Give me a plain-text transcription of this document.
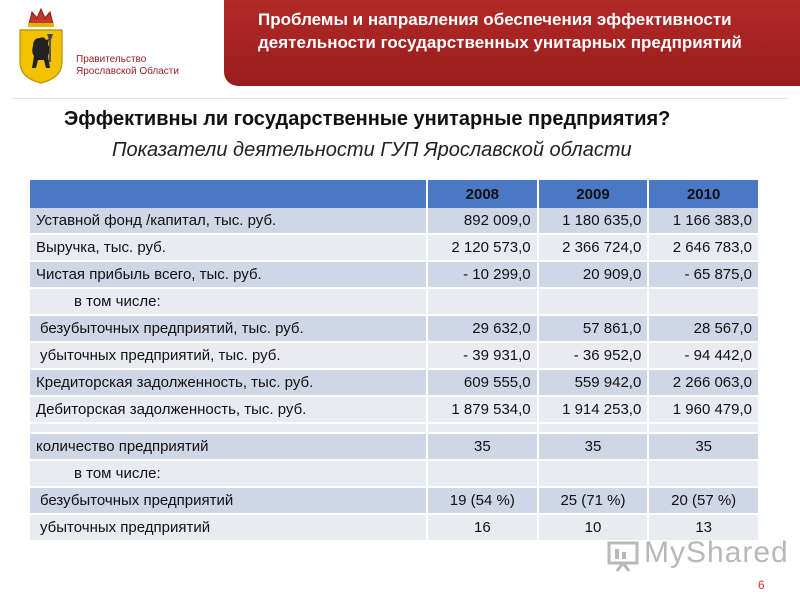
Правительство Ярославской Области
Проблемы и направления обеспечения эффективности деятельности государственных унитарных предприятий
Эффективны ли государственные унитарные предприятия?
Показатели деятельности ГУП Ярославской области
	2008	2009	2010
Уставной фонд /капитал, тыс. руб.	892 009,0	1 180 635,0	1 166 383,0
Выручка, тыс. руб.	2 120 573,0	2 366 724,0	2 646 783,0
Чистая прибыль всего, тыс. руб.	- 10 299,0	20 909,0	- 65 875,0
в том числе:			
безубыточных предприятий, тыс. руб.	29 632,0	57 861,0	28 567,0
убыточных предприятий, тыс. руб.	- 39 931,0	- 36 952,0	- 94 442,0
Кредиторская задолженность, тыс. руб.	609 555,0	559 942,0	2 266 063,0
Дебиторская задолженность, тыс. руб.	1 879 534,0	1 914 253,0	1 960 479,0

количество предприятий	35	35	35
в том числе:			
безубыточных предприятий	19 (54 %)	25 (71 %)	20 (57 %)
убыточных предприятий	16	10	13
MyShared
6
